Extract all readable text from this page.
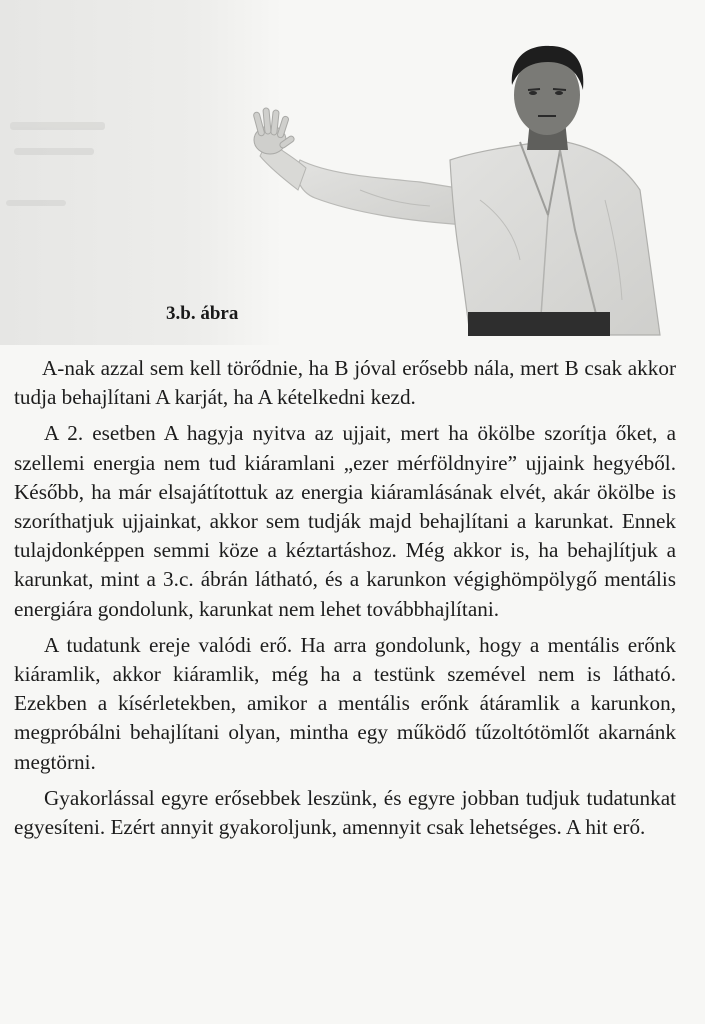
3.b. ábra

A-nak azzal sem kell törődnie, ha B jóval erősebb nála, mert B csak akkor tudja behajlítani A karját, ha A kételkedni kezd.

A 2. esetben A hagyja nyitva az ujjait, mert ha ökölbe szorítja őket, a szellemi energia nem tud kiáramlani „ezer mérföldnyire” ujjaink hegyéből. Később, ha már elsajátítottuk az energia kiáramlásának elvét, akár ökölbe is szoríthatjuk ujjainkat, akkor sem tudják majd behajlítani a karunkat. Ennek tulajdonképpen semmi köze a kéztartáshoz. Még akkor is, ha behajlítjuk a karunkat, mint a 3.c. ábrán látható, és a karunkon végighömpölygő mentális energiára gondolunk, karunkat nem lehet továbbhajlítani.

A tudatunk ereje valódi erő. Ha arra gondolunk, hogy a mentális erőnk kiáramlik, akkor kiáramlik, még ha a testünk szemével nem is látható. Ezekben a kísérletekben, amikor a mentális erőnk átáramlik a karunkon, megpróbálni behajlítani olyan, mintha egy működő tűzoltótömlőt akarnánk megtörni.

Gyakorlással egyre erősebbek leszünk, és egyre jobban tudjuk tudatunkat egyesíteni. Ezért annyit gyakoroljunk, amennyit csak lehetséges. A hit erő.
